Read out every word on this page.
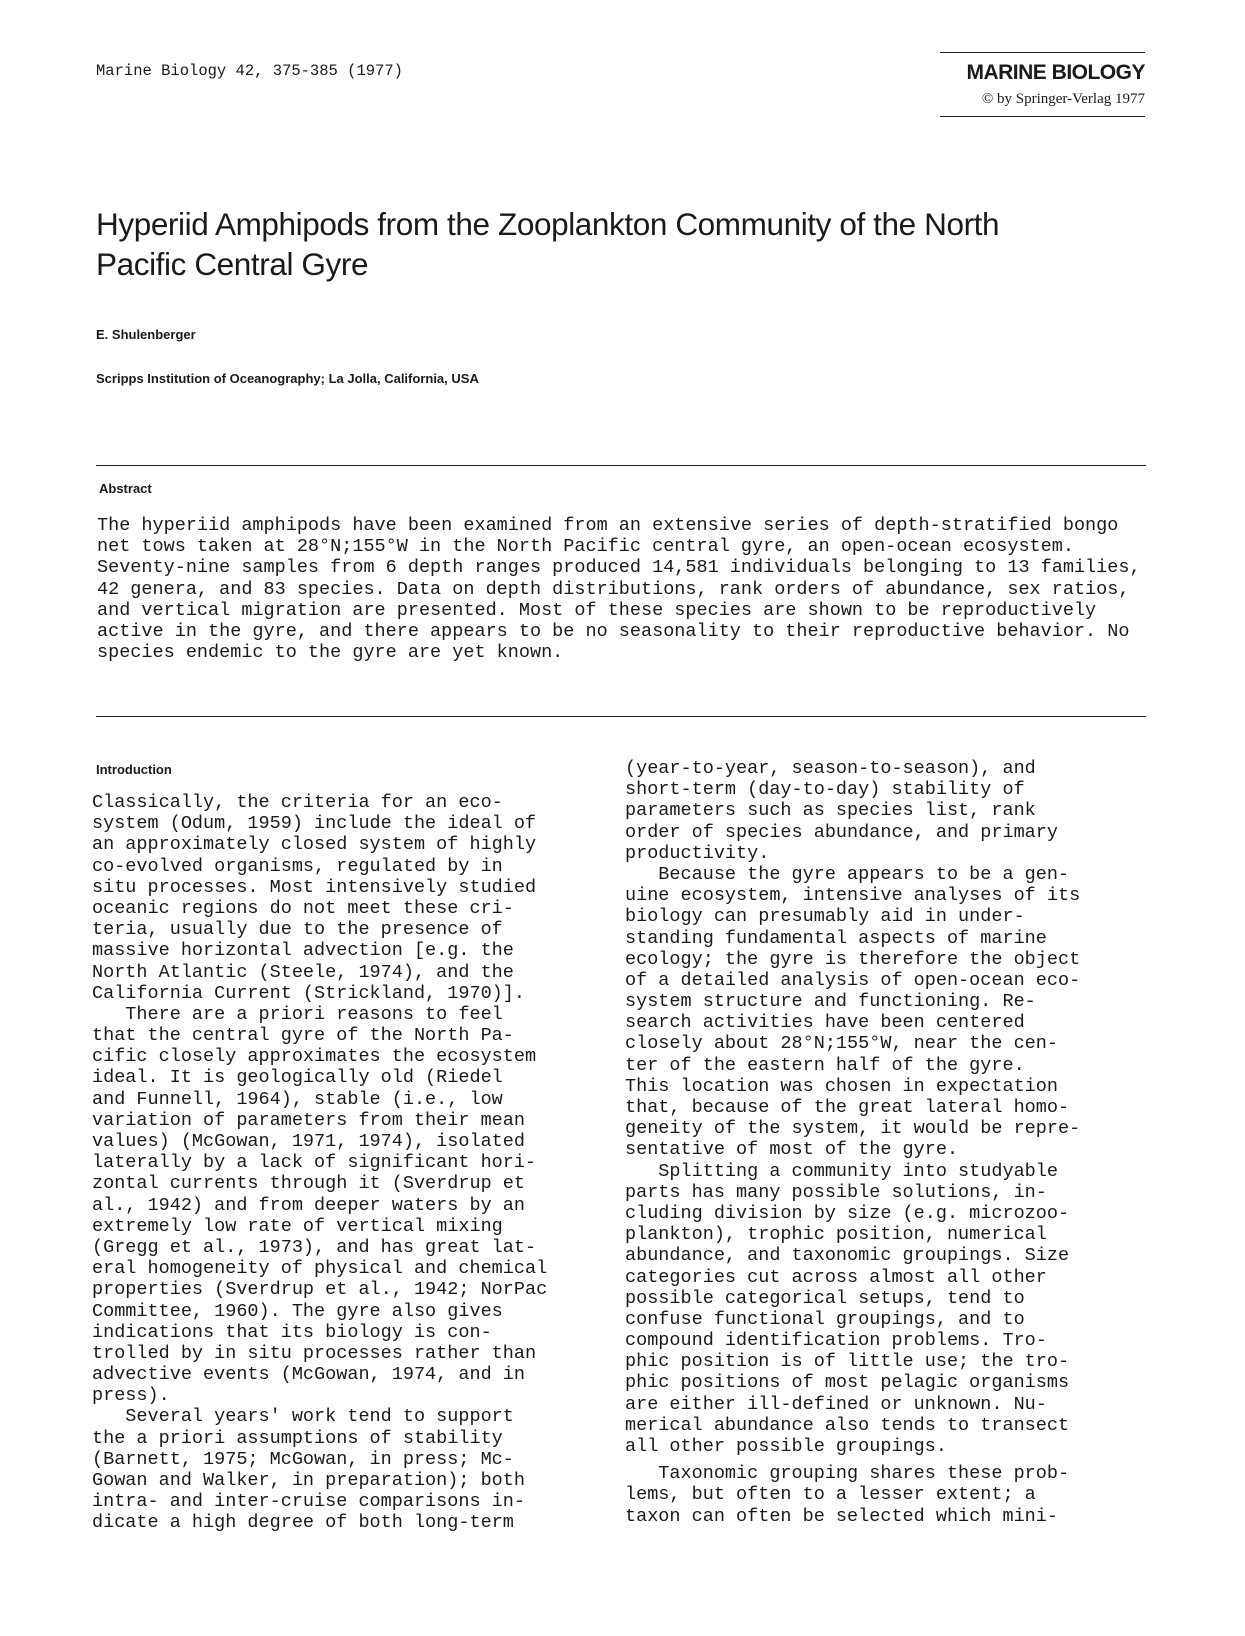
Marine Biology 42, 375-385 (1977)	MARINE BIOLOGY
© by Springer-Verlag 1977
Hyperiid Amphipods from the Zooplankton Community of the North Pacific Central Gyre
E. Shulenberger
Scripps Institution of Oceanography; La Jolla, California, USA
Abstract
The hyperiid amphipods have been examined from an extensive series of depth-stratified bongo net tows taken at 28°N;155°W in the North Pacific central gyre, an open-ocean ecosystem. Seventy-nine samples from 6 depth ranges produced 14,581 individuals belonging to 13 families, 42 genera, and 83 species. Data on depth distributions, rank orders of abundance, sex ratios, and vertical migration are presented. Most of these species are shown to be reproductively active in the gyre, and there appears to be no seasonality to their reproductive behavior. No species endemic to the gyre are yet known.
Introduction
Classically, the criteria for an eco-
system (Odum, 1959) include the ideal of
an approximately closed system of highly
co-evolved organisms, regulated by in
situ processes. Most intensively studied
oceanic regions do not meet these cri-
teria, usually due to the presence of
massive horizontal advection [e.g. the
North Atlantic (Steele, 1974), and the
California Current (Strickland, 1970)].
There are a priori reasons to feel
that the central gyre of the North Pa-
cific closely approximates the ecosystem
ideal. It is geologically old (Riedel
and Funnell, 1964), stable (i.e., low
variation of parameters from their mean
values) (McGowan, 1971, 1974), isolated
laterally by a lack of significant hori-
zontal currents through it (Sverdrup et
al., 1942) and from deeper waters by an
extremely low rate of vertical mixing
(Gregg et al., 1973), and has great lat-
eral homogeneity of physical and chemical
properties (Sverdrup et al., 1942; NorPac
Committee, 1960). The gyre also gives
indications that its biology is con-
trolled by in situ processes rather than
advective events (McGowan, 1974, and in
press).
Several years' work tend to support
the a priori assumptions of stability
(Barnett, 1975; McGowan, in press; Mc-
Gowan and Walker, in preparation); both
intra- and inter-cruise comparisons in-
dicate a high degree of both long-term
(year-to-year, season-to-season), and
short-term (day-to-day) stability of
parameters such as species list, rank
order of species abundance, and primary
productivity.
Because the gyre appears to be a gen-
uine ecosystem, intensive analyses of its
biology can presumably aid in under-
standing fundamental aspects of marine
ecology; the gyre is therefore the object
of a detailed analysis of open-ocean eco-
system structure and functioning. Re-
search activities have been centered
closely about 28°N;155°W, near the cen-
ter of the eastern half of the gyre.
This location was chosen in expectation
that, because of the great lateral homo-
geneity of the system, it would be repre-
sentative of most of the gyre.
Splitting a community into studyable
parts has many possible solutions, in-
cluding division by size (e.g. microzoo-
plankton), trophic position, numerical
abundance, and taxonomic groupings. Size
categories cut across almost all other
possible categorical setups, tend to
confuse functional groupings, and to
compound identification problems. Tro-
phic position is of little use; the tro-
phic positions of most pelagic organisms
are either ill-defined or unknown. Nu-
merical abundance also tends to transect
all other possible groupings.
Taxonomic grouping shares these prob-
lems, but often to a lesser extent; a
taxon can often be selected which mini-
